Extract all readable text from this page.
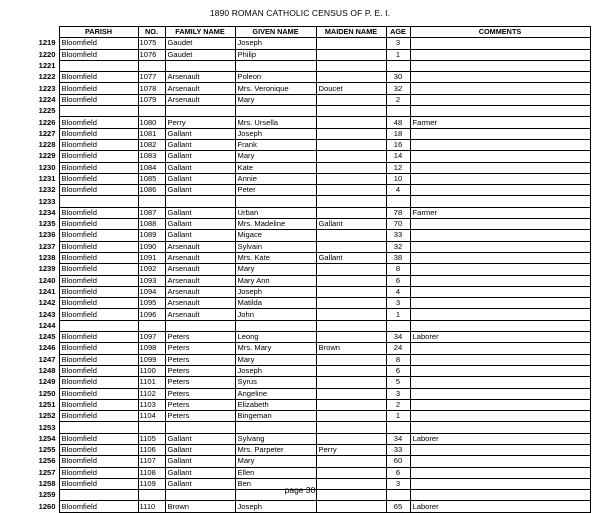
1890 ROMAN CATHOLIC CENSUS OF P. E. I.
	PARISH	NO.	FAMILY NAME	GIVEN NAME	MAIDEN NAME	AGE	COMMENTS
1219	Bloomfield	1075	Gaudet	Joseph		3	
1220	Bloomfield	1076	Gaudet	Philip		1	
1221							
1222	Bloomfield	1077	Arsenault	Poleon		30	
1223	Bloomfield	1078	Arsenault	Mrs. Veronique	Doucet	32	
1224	Bloomfield	1079	Arsenault	Mary		2	
1225							
1226	Bloomfield	1080	Perry	Mrs. Ursella		48	Farmer
1227	Bloomfield	1081	Gallant	Joseph		18	
1228	Bloomfield	1082	Gallant	Frank		16	
1229	Bloomfield	1083	Gallant	Mary		14	
1230	Bloomfield	1084	Gallant	Kate		12	
1231	Bloomfield	1085	Gallant	Annie		10	
1232	Bloomfield	1086	Gallant	Peter		4	
1233							
1234	Bloomfield	1087	Gallant	Urban		78	Farmer
1235	Bloomfield	1088	Gallant	Mrs. Madeline	Gallant	70	
1236	Bloomfield	1089	Gallant	Migace		33	
1237	Bloomfield	1090	Arsenault	Sylvain		32	
1238	Bloomfield	1091	Arsenault	Mrs. Kate	Gallant	38	
1239	Bloomfield	1092	Arsenault	Mary		8	
1240	Bloomfield	1093	Arsenault	Mary Ann		6	
1241	Bloomfield	1094	Arsenault	Joseph		4	
1242	Bloomfield	1095	Arsenault	Matilda		3	
1243	Bloomfield	1096	Arsenault	John		1	
1244							
1245	Bloomfield	1097	Peters	Leong		34	Laborer
1246	Bloomfield	1098	Peters	Mrs. Mary	Brown	24	
1247	Bloomfield	1099	Peters	Mary		8	
1248	Bloomfield	1100	Peters	Joseph		6	
1249	Bloomfield	1101	Peters	Syrus		5	
1250	Bloomfield	1102	Peters	Angeline		3	
1251	Bloomfield	1103	Peters	Elizabeth		2	
1252	Bloomfield	1104	Peters	Bingeman		1	
1253							
1254	Bloomfield	1105	Gallant	Sylvang		34	Laborer
1255	Bloomfield	1106	Gallant	Mrs. Parpeter	Perry	33	
1256	Bloomfield	1107	Gallant	Mary		60	
1257	Bloomfield	1108	Gallant	Ellen		6	
1258	Bloomfield	1109	Gallant	Ben		3	
1259							
1260	Bloomfield	1110	Brown	Joseph		65	Laborer
page 30
